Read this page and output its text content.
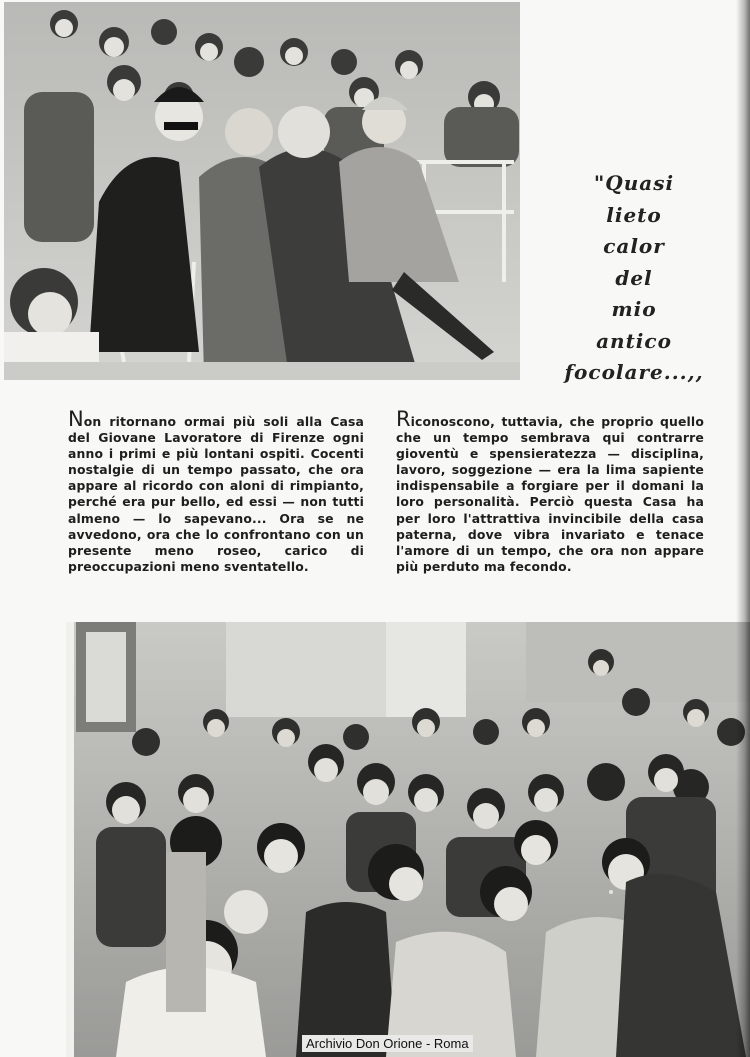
"Quasi
lieto
calor
del
mio
antico
focolare...,,
Non ritornano ormai più soli alla Casa del Giovane Lavoratore di Firenze ogni anno i primi e più lontani ospiti. Cocenti nostalgie di un tempo passato, che ora appare al ricordo con aloni di rimpianto, perché era pur bello, ed essi — non tutti almeno — lo sapevano... Ora se ne avvedono, ora che lo confrontano con un presente meno roseo, carico di preoccupazioni meno sventatello.
Riconoscono, tuttavia, che proprio quello che un tempo sembrava qui contrarre gioventù e spensieratezza — disciplina, lavoro, soggezione — era la lima sapiente indispensabile a forgiare per il domani la loro personalità. Perciò questa Casa ha per loro l'attrattiva invincibile della casa paterna, dove vibra invariato e tenace l'amore di un tempo, che ora non appare più perduto ma fecondo.
Archivio Don Orione - Roma
